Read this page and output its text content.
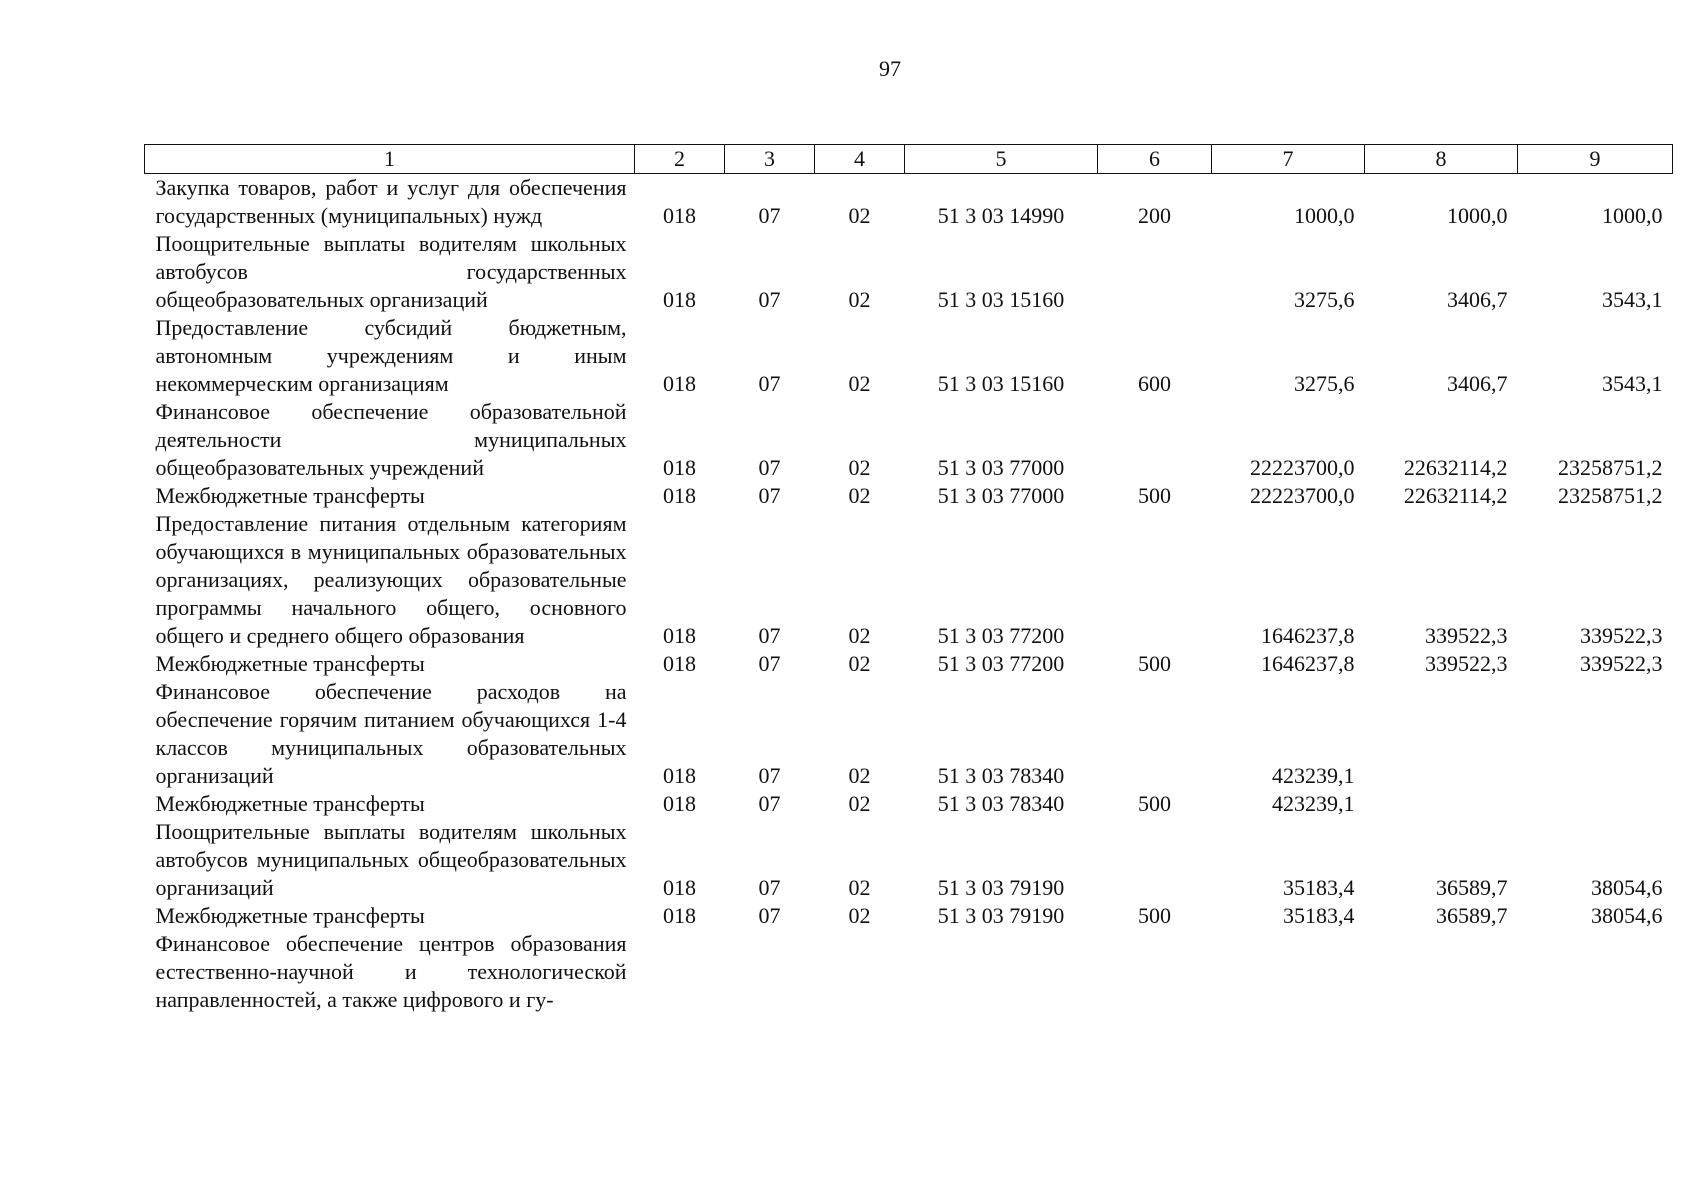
97
1	2	3	4	5	6	7	8	9
Закупка товаров, работ и услуг для обеспечения государственных (муниципальных) нужд	018	07	02	51 3 03 14990	200	1000,0	1000,0	1000,0
Поощрительные выплаты водителям школьных автобусов государственных общеобразовательных организаций	018	07	02	51 3 03 15160		3275,6	3406,7	3543,1
Предоставление субсидий бюджетным, автономным учреждениям и иным некоммерческим организациям	018	07	02	51 3 03 15160	600	3275,6	3406,7	3543,1
Финансовое обеспечение образовательной деятельности муниципальных общеобразовательных учреждений	018	07	02	51 3 03 77000		22223700,0	22632114,2	23258751,2
Межбюджетные трансферты	018	07	02	51 3 03 77000	500	22223700,0	22632114,2	23258751,2
Предоставление питания отдельным категориям обучающихся в муниципальных образовательных организациях, реализующих образовательные программы начального общего, основного общего и среднего общего образования	018	07	02	51 3 03 77200		1646237,8	339522,3	339522,3
Межбюджетные трансферты	018	07	02	51 3 03 77200	500	1646237,8	339522,3	339522,3
Финансовое обеспечение расходов на обеспечение горячим питанием обучающихся 1-4 классов муниципальных образовательных организаций	018	07	02	51 3 03 78340		423239,1		
Межбюджетные трансферты	018	07	02	51 3 03 78340	500	423239,1		
Поощрительные выплаты водителям школьных автобусов муниципальных общеобразовательных организаций	018	07	02	51 3 03 79190		35183,4	36589,7	38054,6
Межбюджетные трансферты	018	07	02	51 3 03 79190	500	35183,4	36589,7	38054,6
Финансовое обеспечение центров образования естественно-научной и технологической направленностей, а также цифрового и гу-								
